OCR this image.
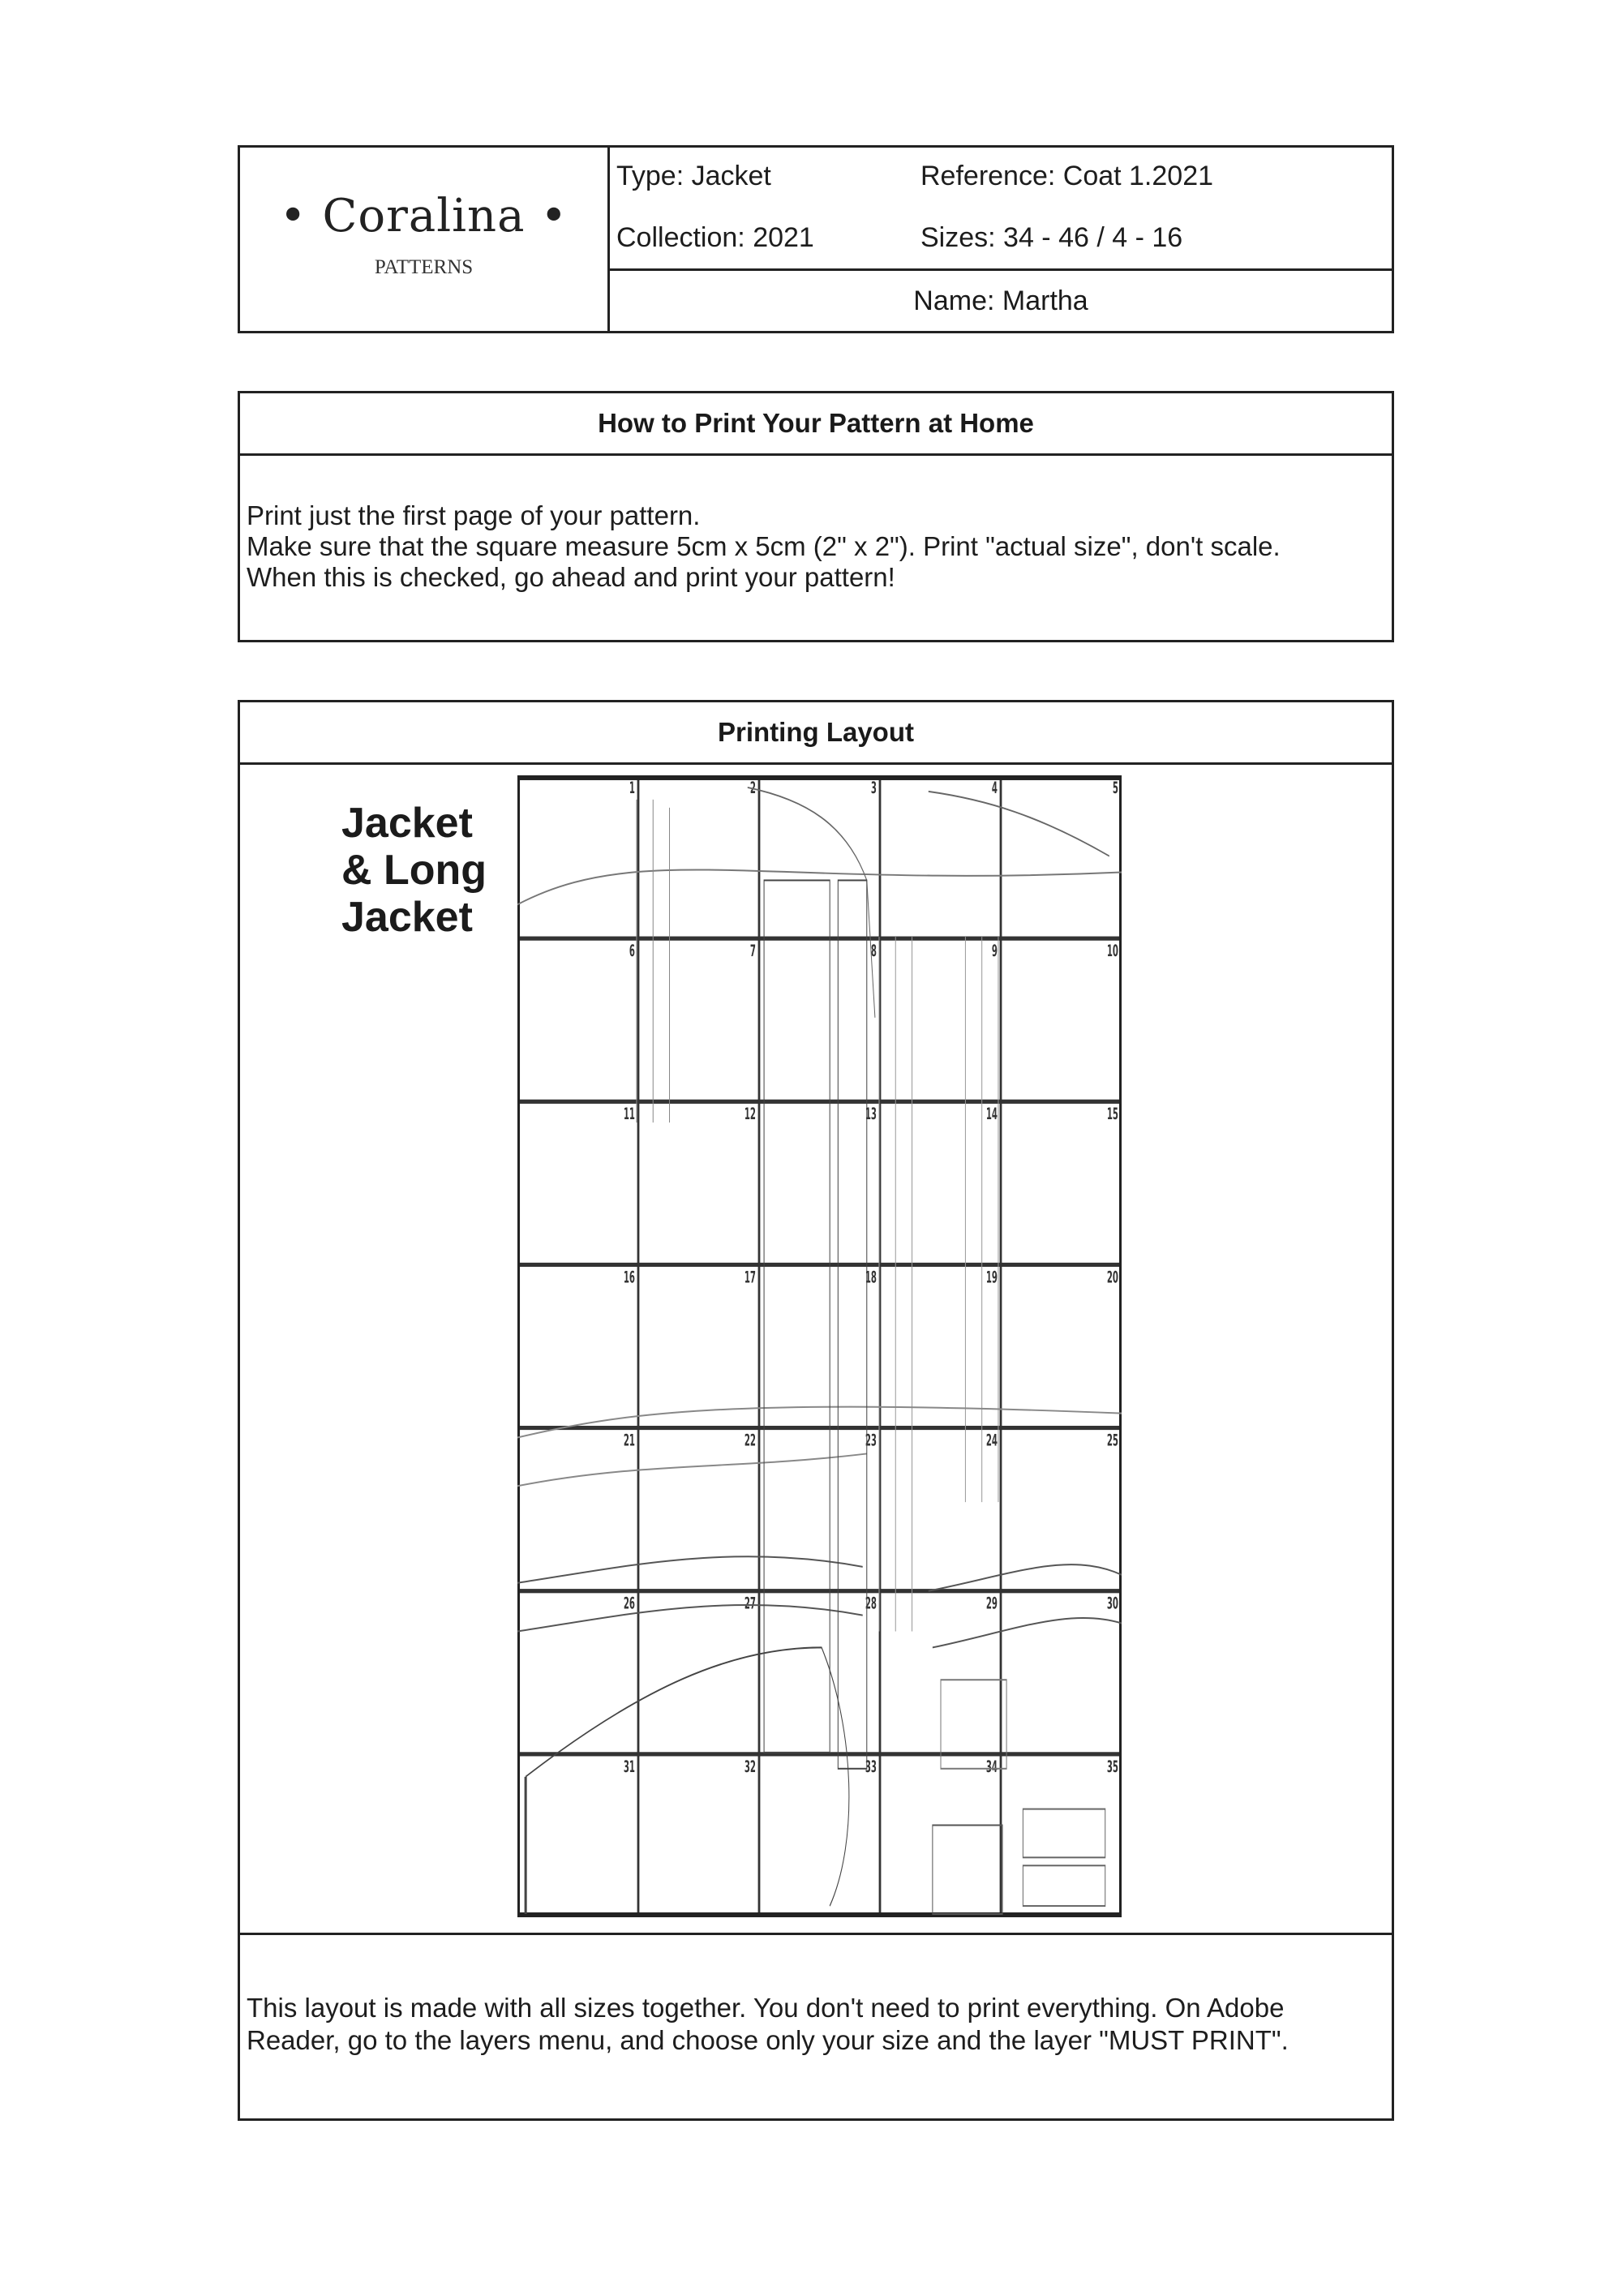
• Coralina •
PATTERNS
Type: Jacket	Reference: Coat 1.2021
Collection: 2021	Sizes: 34 - 46 / 4 - 16
Name: Martha
How to Print Your Pattern at Home
Print just the first page of your pattern.
Make sure that the square measure 5cm x 5cm (2" x 2"). Print "actual size", don't scale.
When this is checked, go ahead and print your pattern!
Printing Layout
Jacket
& Long
Jacket
This layout is made with all sizes together. You don't need to print everything. On Adobe Reader, go to the layers menu, and choose only your size and the layer "MUST PRINT".
1	2	3	4	5
6	7	8	9	10
11	12	13	14	15
16	17	18	19	20
21	22	23	24	25
26	27	28	29	30
31	32	33	34	35
